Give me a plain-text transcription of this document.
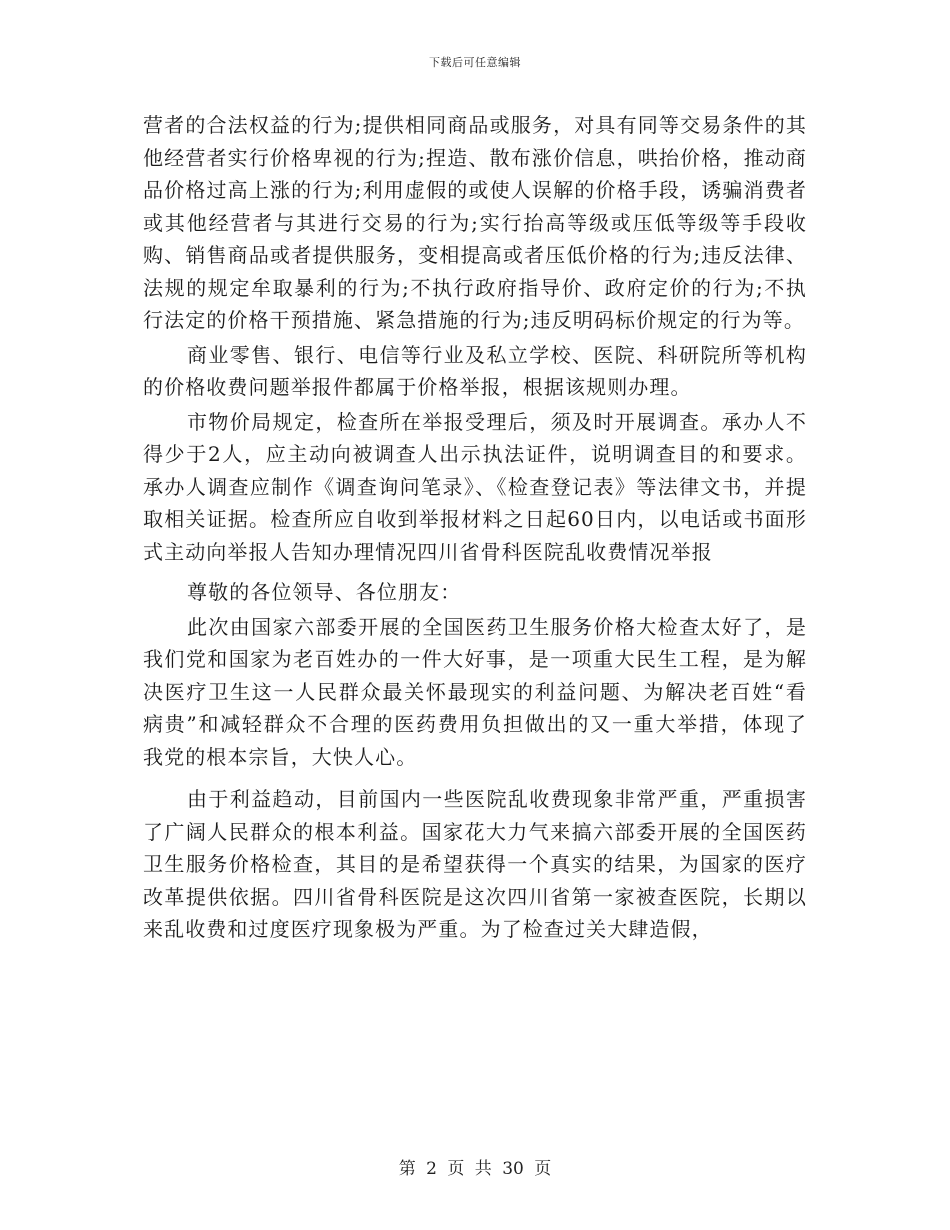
下载后可任意编辑

营者的合法权益的行为;提供相同商品或服务，对具有同等交易条件的其他经营者实行价格卑视的行为;捏造、散布涨价信息，哄抬价格，推动商品价格过高上涨的行为;利用虚假的或使人误解的价格手段，诱骗消费者或其他经营者与其进行交易的行为;实行抬高等级或压低等级等手段收购、销售商品或者提供服务，变相提高或者压低价格的行为;违反法律、法规的规定牟取暴利的行为;不执行政府指导价、政府定价的行为;不执行法定的价格干预措施、紧急措施的行为;违反明码标价规定的行为等。

商业零售、银行、电信等行业及私立学校、医院、科研院所等机构的价格收费问题举报件都属于价格举报，根据该规则办理。

市物价局规定，检查所在举报受理后，须及时开展调查。承办人不得少于2人，应主动向被调查人出示执法证件，说明调查目的和要求。承办人调查应制作《调查询问笔录》、《检查登记表》等法律文书，并提取相关证据。检查所应自收到举报材料之日起60日内，以电话或书面形式主动向举报人告知办理情况四川省骨科医院乱收费情况举报

尊敬的各位领导、各位朋友：

此次由国家六部委开展的全国医药卫生服务价格大检查太好了，是我们党和国家为老百姓办的一件大好事，是一项重大民生工程，是为解决医疗卫生这一人民群众最关怀最现实的利益问题、为解决老百姓“看病贵”和减轻群众不合理的医药费用负担做出的又一重大举措，体现了我党的根本宗旨，大快人心。

由于利益趋动，目前国内一些医院乱收费现象非常严重，严重损害了广阔人民群众的根本利益。国家花大力气来搞六部委开展的全国医药卫生服务价格检查，其目的是希望获得一个真实的结果，为国家的医疗改革提供依据。四川省骨科医院是这次四川省第一家被查医院，长期以来乱收费和过度医疗现象极为严重。为了检查过关大肆造假，

第 2 页 共 30 页
